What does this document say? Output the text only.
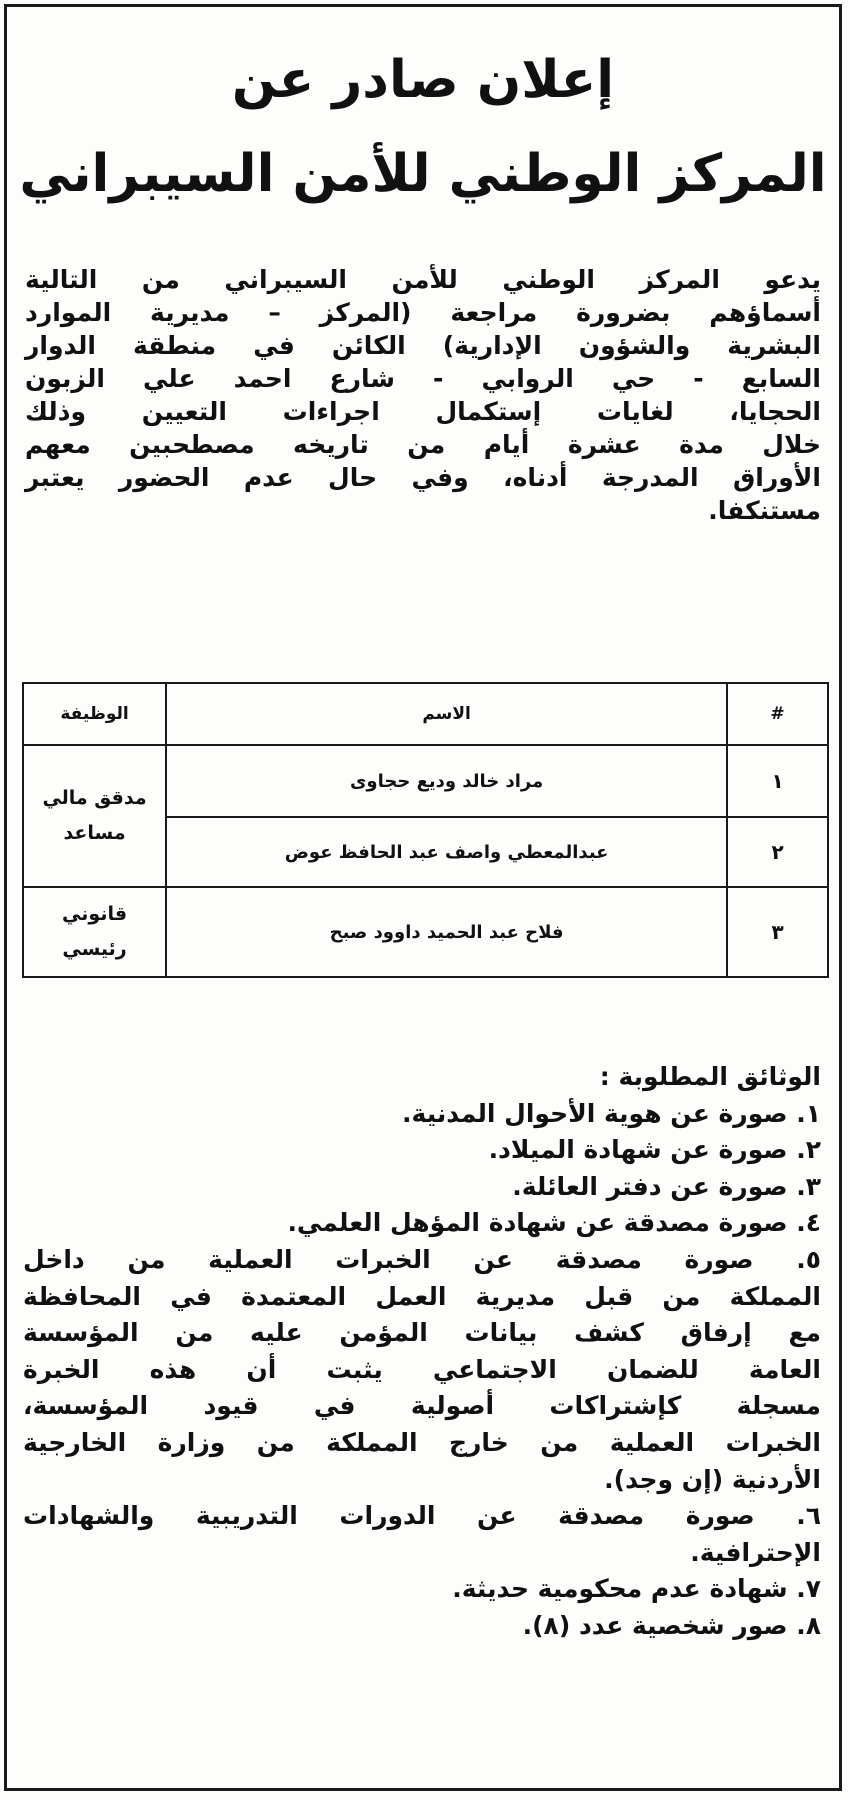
إعلان صادر عن
المركز الوطني للأمن السيبراني
يدعو المركز الوطني للأمن السيبراني من التالية
أسماؤهم بضرورة مراجعة (المركز – مديرية الموارد
البشرية والشؤون الإدارية) الكائن في منطقة الدوار
السابع - حي الروابي - شارع احمد علي الزبون
الحجايا، لغايات إستكمال اجراءات التعيين وذلك
خلال مدة عشرة أيام من تاريخه مصطحبين معهم
الأوراق المدرجة أدناه، وفي حال عدم الحضور يعتبر
مستنكفا.
#	الاسم	الوظيفة
١	مراد خالد وديع حجاوى	مدقق مالي
مساعد
٢	عبدالمعطي واصف عبد الحافظ عوض	
٣	فلاح عبد الحميد داوود صبح	قانوني
رئيسي
الوثائق المطلوبة :
١. صورة عن هوية الأحوال المدنية.
٢. صورة عن شهادة الميلاد.
٣. صورة عن دفتر العائلة.
٤. صورة مصدقة عن شهادة المؤهل العلمي.
٥. صورة مصدقة عن الخبرات العملية من داخل
المملكة من قبل مديرية العمل المعتمدة في المحافظة
مع إرفاق كشف بيانات المؤمن عليه من المؤسسة
العامة للضمان الاجتماعي يثبت أن هذه الخبرة
مسجلة كإشتراكات أصولية في قيود المؤسسة،
الخبرات العملية من خارج المملكة من وزارة الخارجية
الأردنية (إن وجد).
٦. صورة مصدقة عن الدورات التدريبية والشهادات
الإحترافية.
٧. شهادة عدم محكومية حديثة.
٨. صور شخصية عدد (٨).
